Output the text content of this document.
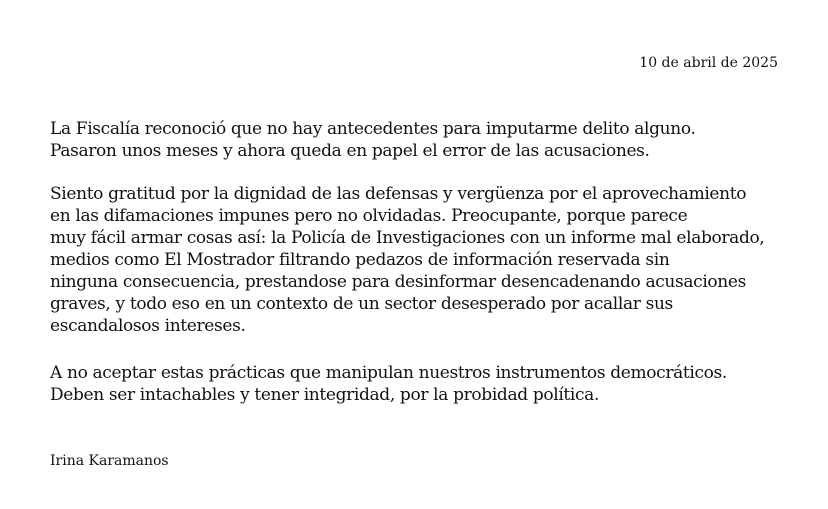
10 de abril de 2025

La Fiscalía reconoció que no hay antecedentes para imputarme delito alguno.
Pasaron unos meses y ahora queda en papel el error de las acusaciones.

Siento gratitud por la dignidad de las defensas y vergüenza por el aprovechamiento
en las difamaciones impunes pero no olvidadas. Preocupante, porque parece
muy fácil armar cosas así: la Policía de Investigaciones con un informe mal elaborado,
medios como El Mostrador filtrando pedazos de información reservada sin
ninguna consecuencia, prestandose para desinformar desencadenando acusaciones
graves, y todo eso en un contexto de un sector desesperado por acallar sus
escandalosos intereses.

A no aceptar estas prácticas que manipulan nuestros instrumentos democráticos.
Deben ser intachables y tener integridad, por la probidad política.

Irina Karamanos
